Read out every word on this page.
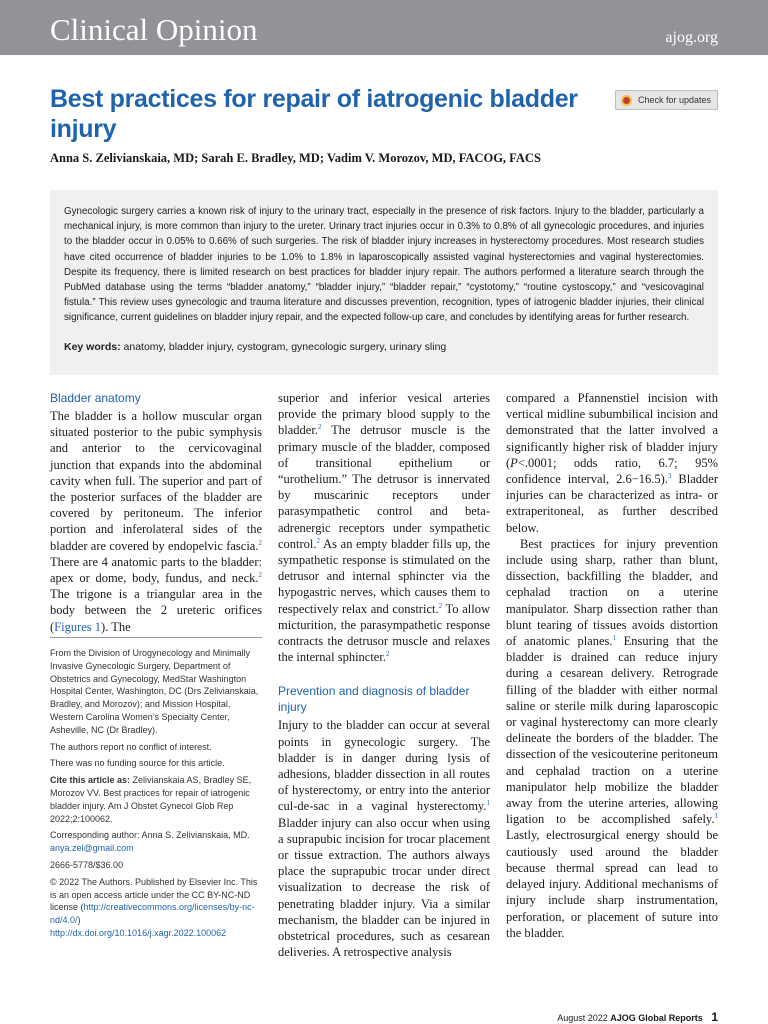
Clinical Opinion	ajog.org
Best practices for repair of iatrogenic bladder injury
Check for updates
Anna S. Zelivianskaia, MD; Sarah E. Bradley, MD; Vadim V. Morozov, MD, FACOG, FACS

Gynecologic surgery carries a known risk of injury to the urinary tract, especially in the presence of risk factors. Injury to the bladder, particularly a mechanical injury, is more common than injury to the ureter. Urinary tract injuries occur in 0.3% to 0.8% of all gynecologic procedures, and injuries to the bladder occur in 0.05% to 0.66% of such surgeries. The risk of bladder injury increases in hysterectomy procedures. Most research studies have cited occurrence of bladder injuries to be 1.0% to 1.8% in laparoscopically assisted vaginal hysterectomies and vaginal hysterectomies. Despite its frequency, there is limited research on best practices for bladder injury repair. The authors performed a literature search through the PubMed database using the terms “bladder anatomy,” “bladder injury,” “bladder repair,” “cystotomy,” “routine cystoscopy,” and “vesicovaginal fistula.” This review uses gynecologic and trauma literature and discusses prevention, recognition, types of iatrogenic bladder injuries, their clinical significance, current guidelines on bladder injury repair, and the expected follow-up care, and concludes by identifying areas for further research.

Key words: anatomy, bladder injury, cystogram, gynecologic surgery, urinary sling
Bladder anatomy

The bladder is a hollow muscular organ situated posterior to the pubic symphysis and anterior to the cervicovaginal junction that expands into the abdominal cavity when full. The superior and part of the posterior surfaces of the bladder are covered by peritoneum. The inferior portion and inferolateral sides of the bladder are covered by endopelvic fascia.$^2$ There are 4 anatomic parts to the bladder: apex or dome, body, fundus, and neck.$^2$ The trigone is a triangular area in the body between the 2 ureteric orifices (Figures 1). The

From the Division of Urogynecology and Minimally Invasive Gynecologic Surgery, Department of Obstetrics and Gynecology, MedStar Washington Hospital Center, Washington, DC (Drs Zelivianskaia, Bradley, and Morozov); and Mission Hospital, Western Carolina Women’s Specialty Center, Asheville, NC (Dr Bradley).

The authors report no conflict of interest.

There was no funding source for this article.

Cite this article as: Zelivianskaia AS, Bradley SE, Morozov VV. Best practices for repair of iatrogenic bladder injury. Am J Obstet Gynecol Glob Rep 2022;2:100062.

Corresponding author: Anna S. Zelivianskaia, MD. anya.zel@gmail.com

2666-5778/$36.00

© 2022 The Authors. Published by Elsevier Inc. This is an open access article under the CC BY-NC-ND license (http://creativecommons.org/licenses/by-nc-nd/4.0/)
http://dx.doi.org/10.1016/j.xagr.2022.100062

superior and inferior vesical arteries provide the primary blood supply to the bladder.$^2$ The detrusor muscle is the primary muscle of the bladder, composed of transitional epithelium or “urothelium.” The detrusor is innervated by muscarinic receptors under parasympathetic control and beta-adrenergic receptors under sympathetic control.$^2$ As an empty bladder fills up, the sympathetic response is stimulated on the detrusor and internal sphincter via the hypogastric nerves, which causes them to respectively relax and constrict.$^2$ To allow micturition, the parasympathetic response contracts the detrusor muscle and relaxes the internal sphincter.$^2$

Prevention and diagnosis of bladder injury

Injury to the bladder can occur at several points in gynecologic surgery. The bladder is in danger during lysis of adhesions, bladder dissection in all routes of hysterectomy, or entry into the anterior cul-de-sac in a vaginal hysterectomy.$^1$ Bladder injury can also occur when using a suprapubic incision for trocar placement or tissue extraction. The authors always place the suprapubic trocar under direct visualization to decrease the risk of penetrating bladder injury. Via a similar mechanism, the bladder can be injured in obstetrical procedures, such as cesarean deliveries. A retrospective analysis

compared a Pfannenstiel incision with vertical midline subumbilical incision and demonstrated that the latter involved a significantly higher risk of bladder injury (P<.0001; odds ratio, 6.7; 95% confidence interval, 2.6−16.5).$^3$ Bladder injuries can be characterized as intra- or extraperitoneal, as further described below.

Best practices for injury prevention include using sharp, rather than blunt, dissection, backfilling the bladder, and cephalad traction on a uterine manipulator. Sharp dissection rather than blunt tearing of tissues avoids distortion of anatomic planes.$^1$ Ensuring that the bladder is drained can reduce injury during a cesarean delivery. Retrograde filling of the bladder with either normal saline or sterile milk during laparoscopic or vaginal hysterectomy can more clearly delineate the borders of the bladder. The dissection of the vesicouterine peritoneum and cephalad traction on a uterine manipulator help mobilize the bladder away from the uterine arteries, allowing ligation to be accomplished safely.$^1$ Lastly, electrosurgical energy should be cautiously used around the bladder because thermal spread can lead to delayed injury. Additional mechanisms of injury include sharp instrumentation, perforation, or placement of suture into the bladder.

August 2022 AJOG Global Reports 1
